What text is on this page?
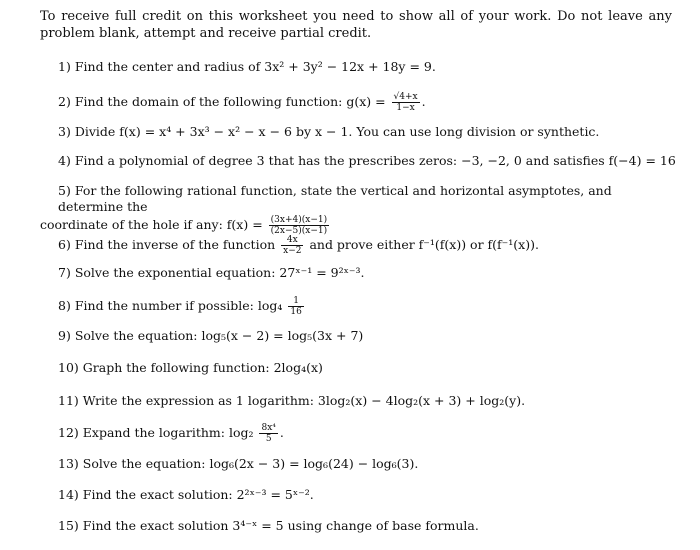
To receive full credit on this worksheet you need to show all of your work. Do not leave any problem blank, attempt and receive partial credit.
1) Find the center and radius of 3x² + 3y² − 12x + 18y = 9.
2) Find the domain of the following function: $g(x) = \frac{√4+x}{1-x}$ .
3) Divide f(x) = x⁴ + 3x³ − x² − x − 6 by x − 1. You can use long division or synthetic.
4) Find a polynomial of degree 3 that has the prescribes zeros: −3, −2, 0 and satisfies f(−4) = 16
5) For the following rational function, state the vertical and horizontal asymptotes, and determine the
coordinate of the hole if any: $f(x) = \frac{(3x+4)(x-1)}{(2x-5)(x-1)}$
6) Find the inverse of the function $\frac{4x}{x-2}$ and prove either f⁻¹(f(x)) or f(f⁻¹(x)).
7) Solve the exponential equation: 27ˣ⁻¹ = 9²ˣ⁻³.
8) Find the number if possible: $\log_4 \frac{1}{16}$
9) Solve the equation: log₅(x − 2) = log₅(3x + 7)
10) Graph the following function: 2log₄(x)
11) Write the expression as 1 logarithm: 3log₂(x) − 4log₂(x + 3) + log₂(y).
12) Expand the logarithm: $\log_2 \frac{\text{8x⁴}}{5}$ .
13) Solve the equation: log₆(2x − 3) = log₆(24) − log₆(3).
14) Find the exact solution: 2²ˣ⁻³ = 5ˣ⁻².
15) Find the exact solution 3⁴⁻ˣ = 5 using change of base formula.
